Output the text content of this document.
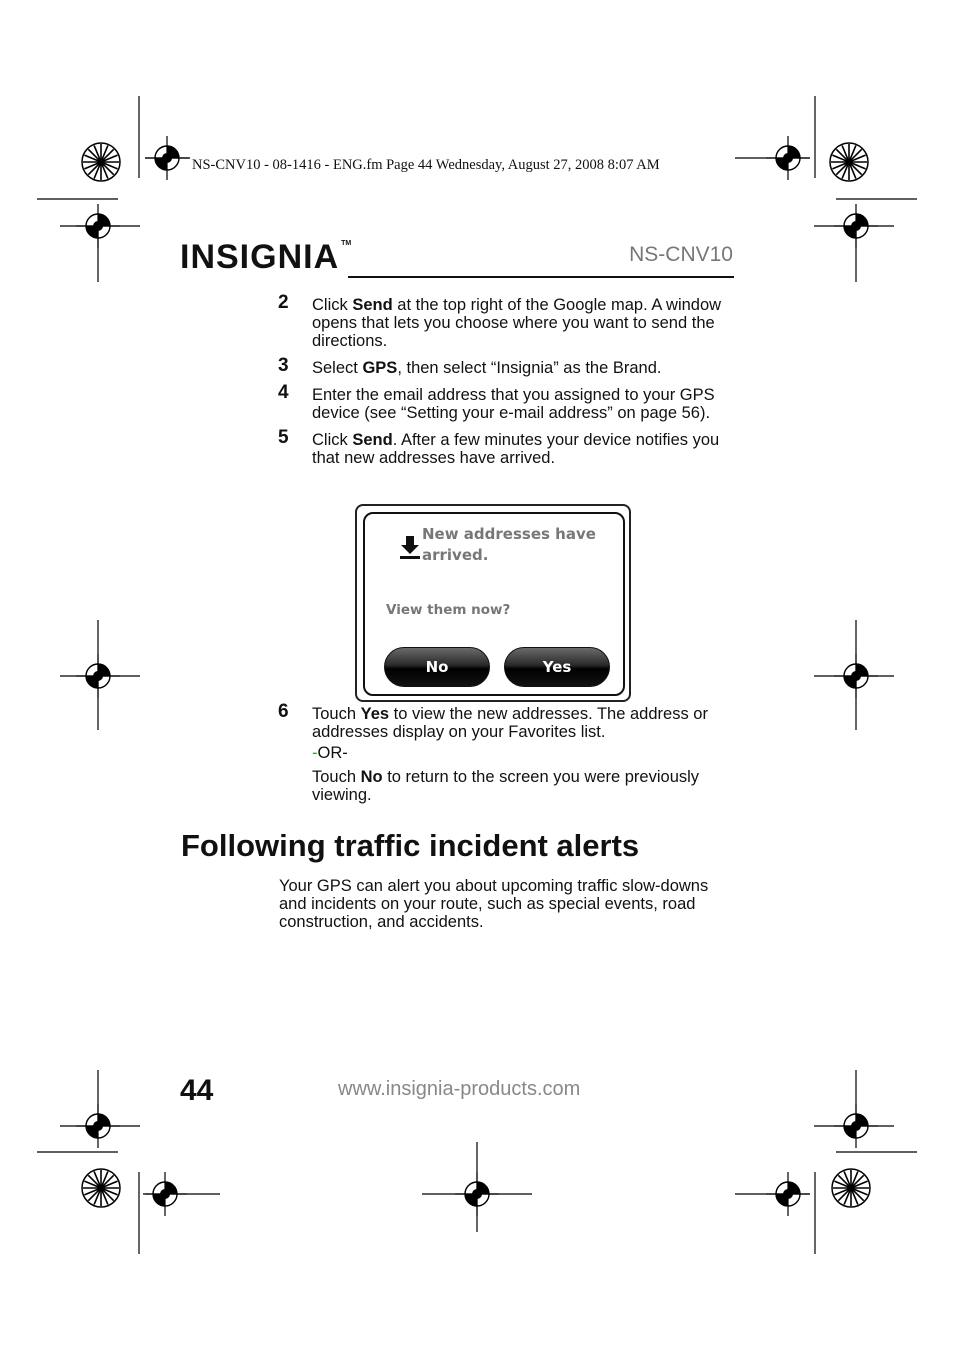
NS-CNV10 - 08-1416 - ENG.fm Page 44 Wednesday, August 27, 2008 8:07 AM
INSIGNIA ™	NS-CNV10
2 Click Send at the top right of the Google map. A window opens that lets you choose where you want to send the directions.
3 Select GPS, then select “Insignia” as the Brand.
4 Enter the email address that you assigned to your GPS device (see “Setting your e-mail address” on page 56).
5 Click Send. After a few minutes your device notifies you that new addresses have arrived.
New addresses have arrived.
View them now?
No	Yes
6 Touch Yes to view the new addresses. The address or addresses display on your Favorites list.
-OR-
Touch No to return to the screen you were previously viewing.
Following traffic incident alerts
Your GPS can alert you about upcoming traffic slow-downs and incidents on your route, such as special events, road construction, and accidents.
44	www.insignia-products.com
